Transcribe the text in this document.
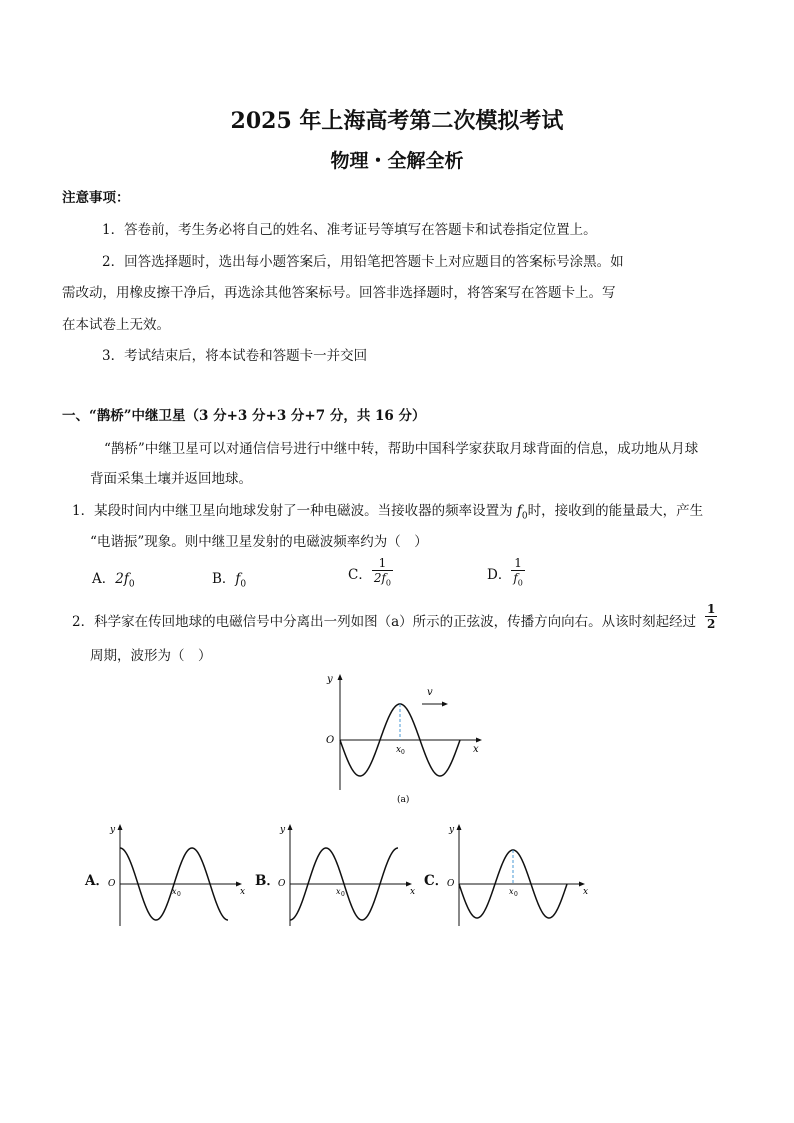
2025 年上海高考第二次模拟考试
物理・全解全析
注意事项：
1．答卷前，考生务必将自己的姓名、准考证号等填写在答题卡和试卷指定位置上。
2．回答选择题时，选出每小题答案后，用铅笔把答题卡上对应题目的答案标号涂黑。如
需改动，用橡皮擦干净后，再选涂其他答案标号。回答非选择题时，将答案写在答题卡上。写
在本试卷上无效。
3．考试结束后，将本试卷和答题卡一并交回
一、“鹊桥”中继卫星（3 分+3 分+3 分+7 分，共 16 分）
“鹊桥”中继卫星可以对通信信号进行中继中转，帮助中国科学家获取月球背面的信息，成功地从月球
背面采集土壤并返回地球。
1．某段时间内中继卫星向地球发射了一种电磁波。当接收器的频率设置为 $f_0$时，接收到的能量最大，产生
“电谐振”现象。则中继卫星发射的电磁波频率约为（　）
A．$2f_0$	B．$f_0$
C． $\frac{1}{2f_0}$	D． $\frac{1}{f_0}$
2．科学家在传回地球的电磁信号中分离出一列如图（a）所示的正弦波，传播方向向右。从该时刻起经过 $\frac{1}{2}$
周期，波形为（　）
v
y
x
O
x 0
(a)
A．
y
x
O
x 0
B．
y
x
O
x 0
C．
y
x
O
x 0
